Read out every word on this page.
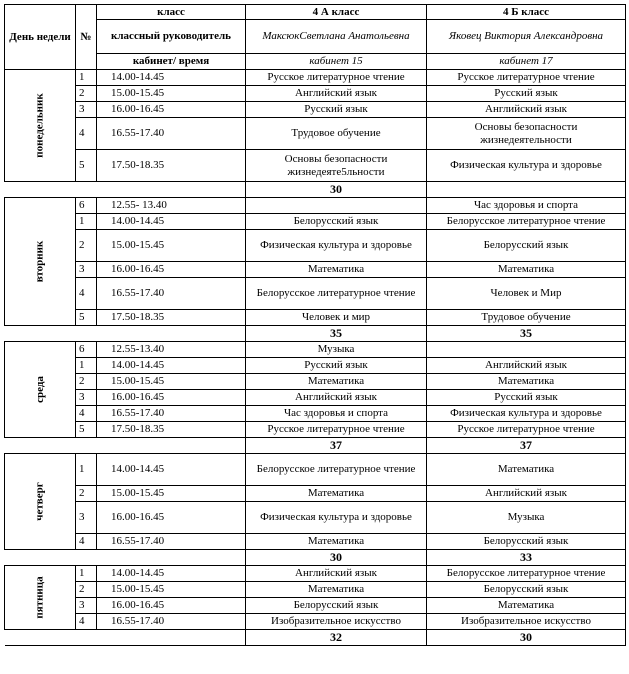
День недели	№	класс	4 А класс	4 Б класс
		классный руководитель	МаксюкСветлана Анатольевна	Яковец Виктория Александровна
		кабинет/ время	кабинет 15	кабинет 17
понедельник	1	14.00-14.45	Русское литературное чтение	Русское литературное чтение
	2	15.00-15.45	Английский язык	Русский язык
	3	16.00-16.45	Русский язык	Английский язык
	4	16.55-17.40	Трудовое обучение	Основы безопасности жизнедеятельности
	5	17.50-18.35	Основы безопасности жизнедеяте5льности	Физическая культура и здоровье
			30	
вторник	6	12.55- 13.40		Час здоровья и спорта
	1	14.00-14.45	Белорусский язык	Белорусское литературное чтение
	2	15.00-15.45	Физическая культура и здоровье	Белорусский язык
	3	16.00-16.45	Математика	Математика
	4	16.55-17.40	Белорусское литературное чтение	Человек и Мир
	5	17.50-18.35	Человек и мир	Трудовое обучение
			35	35
среда	6	12.55-13.40	Музыка	
	1	14.00-14.45	Русский язык	Английский язык
	2	15.00-15.45	Математика	Математика
	3	16.00-16.45	Английский язык	Русский язык
	4	16.55-17.40	Час здоровья и спорта	Физическая культура и здоровье
	5	17.50-18.35	Русское литературное чтение	Русское литературное чтение
			37	37
четверг	1	14.00-14.45	Белорусское литературное чтение	Математика
	2	15.00-15.45	Математика	Английский язык
	3	16.00-16.45	Физическая культура и здоровье	Музыка
	4	16.55-17.40	Математика	Белорусский язык
			30	33
пятница	1	14.00-14.45	Английский язык	Белорусское литературное чтение
	2	15.00-15.45	Математика	Белорусский язык
	3	16.00-16.45	Белорусский язык	Математика
	4	16.55-17.40	Изобразительное искусство	Изобразительное искусство
			32	30
